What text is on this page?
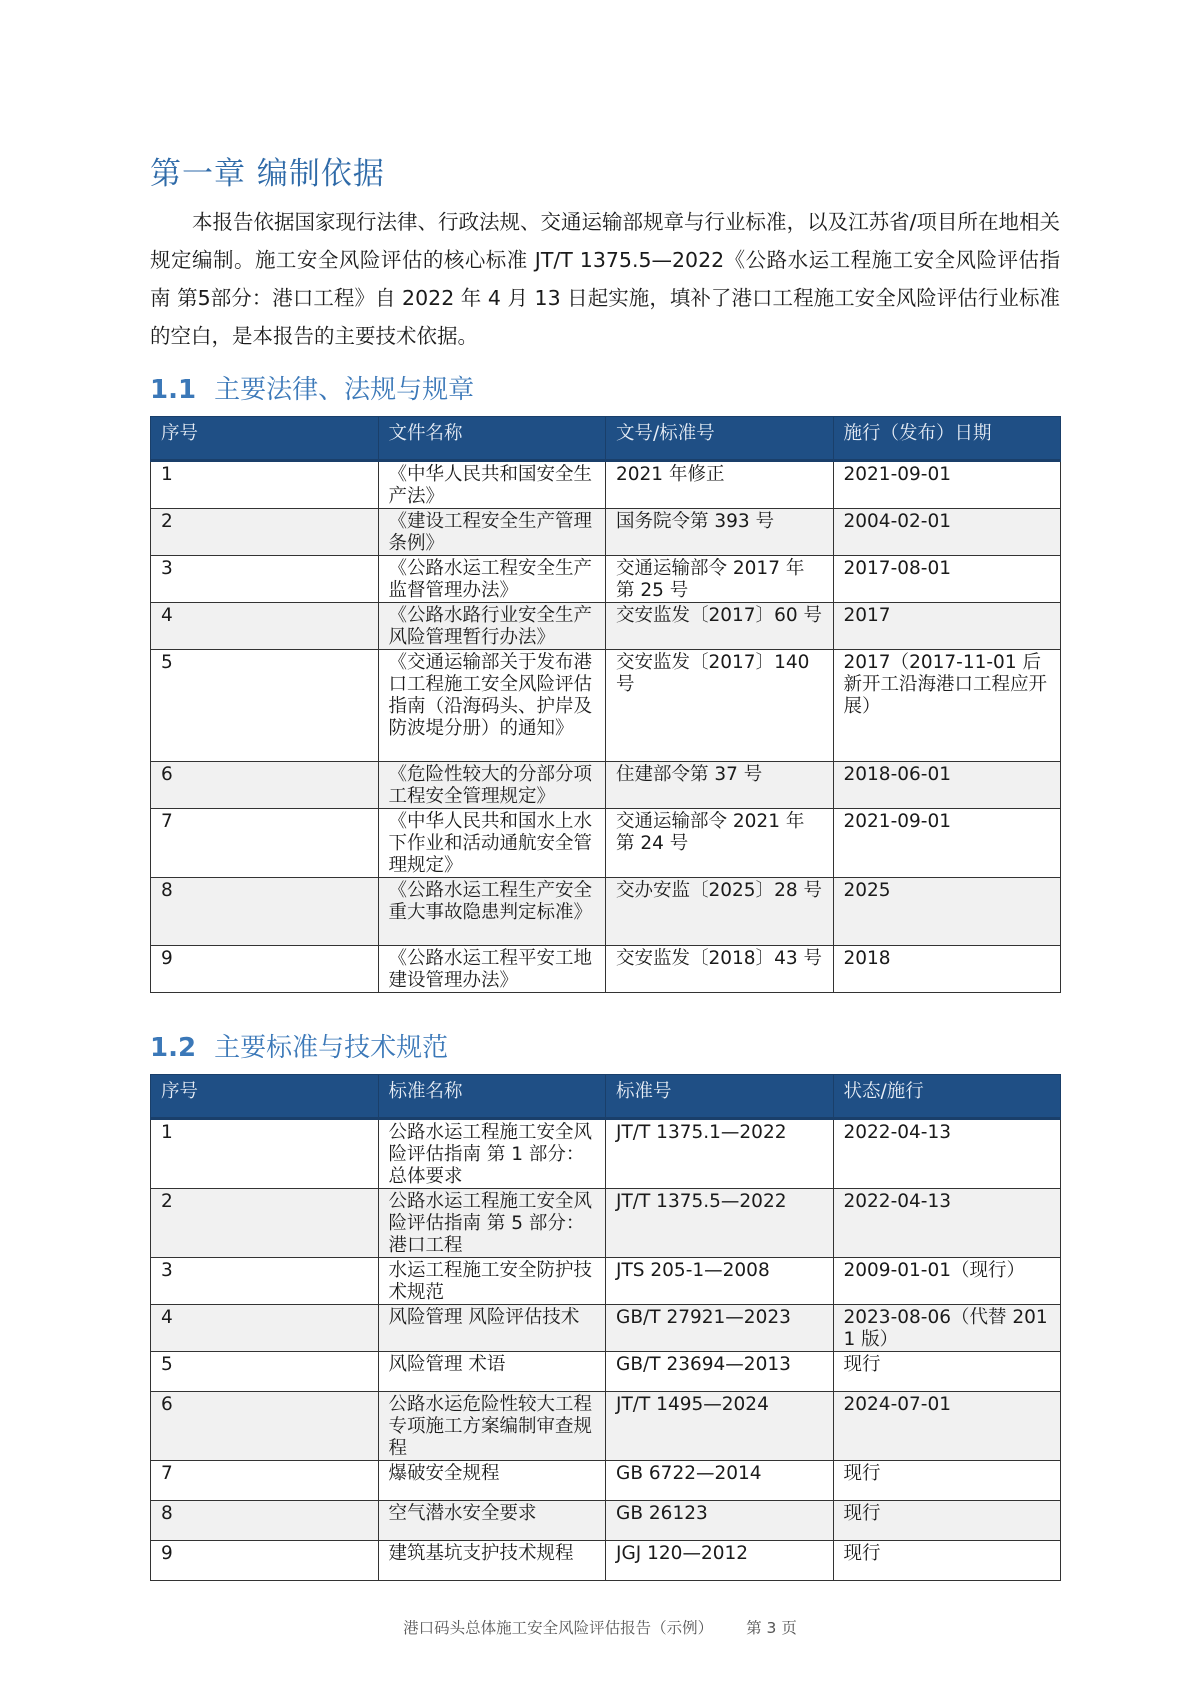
第一章 编制依据

本报告依据国家现行法律、行政法规、交通运输部规章与行业标准，以及江苏省/项目所在地相关规定编制。施工安全风险评估的核心标准 JT/T 1375.5—2022《公路水运工程施工安全风险评估指南 第5部分：港口工程》自 2022 年 4 月 13 日起实施，填补了港口工程施工安全风险评估行业标准的空白，是本报告的主要技术依据。

1.1 主要法律、法规与规章
序号	文件名称	文号/标准号	施行（发布）日期
1	《中华人民共和国安全生产法》	2021 年修正	2021-09-01
2	《建设工程安全生产管理条例》	国务院令第 393 号	2004-02-01
3	《公路水运工程安全生产监督管理办法》	交通运输部令 2017 年第 25 号	2017-08-01
4	《公路水路行业安全生产风险管理暂行办法》	交安监发〔2017〕60 号	2017
5	《交通运输部关于发布港口工程施工安全风险评估指南（沿海码头、护岸及防波堤分册）的通知》	交安监发〔2017〕140 号	2017（2017-11-01 后新开工沿海港口工程应开展）
6	《危险性较大的分部分项工程安全管理规定》	住建部令第 37 号	2018-06-01
7	《中华人民共和国水上水下作业和活动通航安全管理规定》	交通运输部令 2021 年第 24 号	2021-09-01
8	《公路水运工程生产安全重大事故隐患判定标准》	交办安监〔2025〕28 号	2025
9	《公路水运工程平安工地建设管理办法》	交安监发〔2018〕43 号	2018
1.2 主要标准与技术规范
序号	标准名称	标准号	状态/施行
1	公路水运工程施工安全风险评估指南 第 1 部分：总体要求	JT/T 1375.1—2022	2022-04-13
2	公路水运工程施工安全风险评估指南 第 5 部分：港口工程	JT/T 1375.5—2022	2022-04-13
3	水运工程施工安全防护技术规范	JTS 205-1—2008	2009-01-01（现行）
4	风险管理 风险评估技术	GB/T 27921—2023	2023-08-06（代替 2011 版）
5	风险管理 术语	GB/T 23694—2013	现行
6	公路水运危险性较大工程专项施工方案编制审查规程	JT/T 1495—2024	2024-07-01
7	爆破安全规程	GB 6722—2014	现行
8	空气潜水安全要求	GB 26123	现行
9	建筑基坑支护技术规程	JGJ 120—2012	现行
港口码头总体施工安全风险评估报告（示例） 第 3 页
